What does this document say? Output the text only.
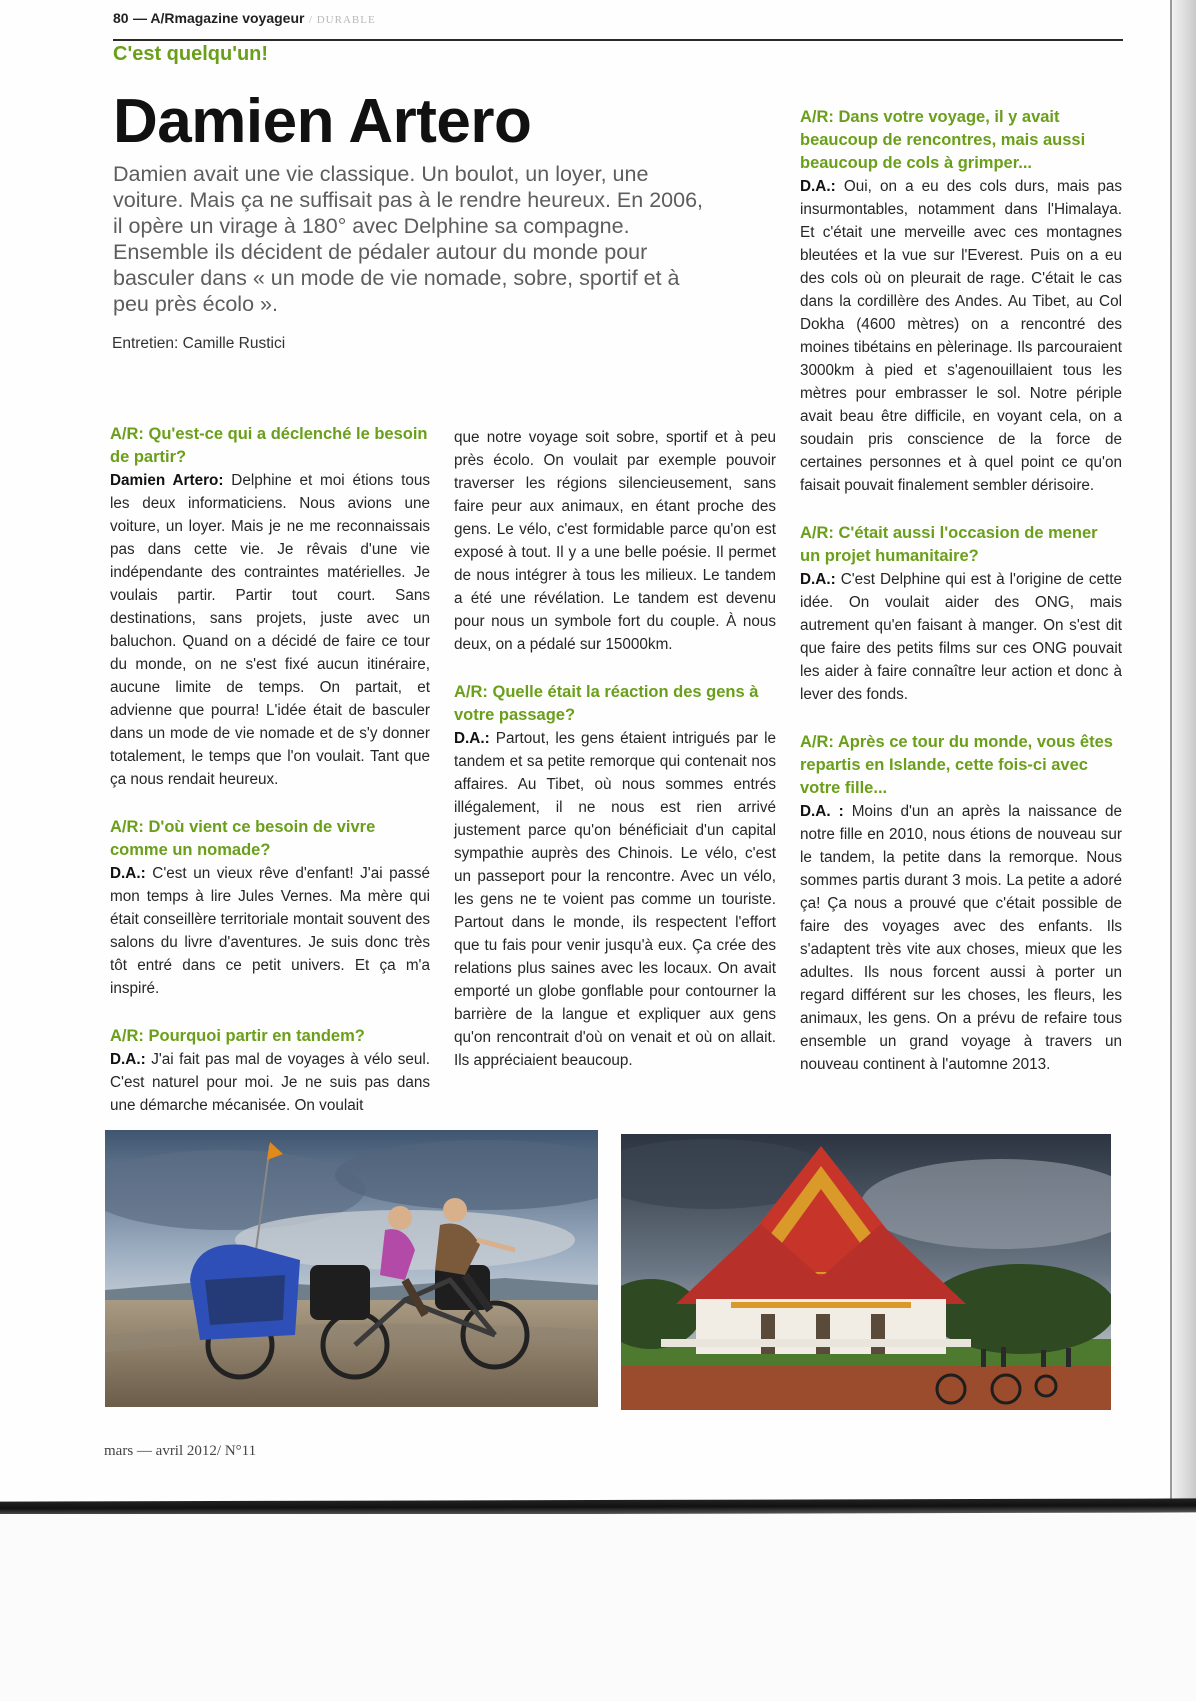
80 — A/Rmagazine voyageur / DURABLE
C'est quelqu'un!
Damien Artero

Damien avait une vie classique. Un boulot, un loyer, une voiture. Mais ça ne suffisait pas à le rendre heureux. En 2006, il opère un virage à 180° avec Delphine sa compagne. Ensemble ils décident de pédaler autour du monde pour basculer dans « un mode de vie nomade, sobre, sportif et à peu près écolo ».

Entretien: Camille Rustici
A/R: Qu'est-ce qui a déclenché le besoin de partir?

Damien Artero: Delphine et moi étions tous les deux informaticiens. Nous avions une voiture, un loyer. Mais je ne me reconnaissais pas dans cette vie. Je rêvais d'une vie indépendante des contraintes matérielles. Je voulais partir. Partir tout court. Sans destinations, sans projets, juste avec un baluchon. Quand on a décidé de faire ce tour du monde, on ne s'est fixé aucun itinéraire, aucune limite de temps. On partait, et advienne que pourra! L'idée était de basculer dans un mode de vie nomade et de s'y donner totalement, le temps que l'on voulait. Tant que ça nous rendait heureux.

A/R: D'où vient ce besoin de vivre comme un nomade?

D.A.: C'est un vieux rêve d'enfant! J'ai passé mon temps à lire Jules Vernes. Ma mère qui était conseillère territoriale montait souvent des salons du livre d'aventures. Je suis donc très tôt entré dans ce petit univers. Et ça m'a inspiré.

A/R: Pourquoi partir en tandem?

D.A.: J'ai fait pas mal de voyages à vélo seul. C'est naturel pour moi. Je ne suis pas dans une démarche mécanisée. On voulait

que notre voyage soit sobre, sportif et à peu près écolo. On voulait par exemple pouvoir traverser les régions silencieusement, sans faire peur aux animaux, en étant proche des gens. Le vélo, c'est formidable parce qu'on est exposé à tout. Il y a une belle poésie. Il permet de nous intégrer à tous les milieux. Le tandem a été une révélation. Le tandem est devenu pour nous un symbole fort du couple. À nous deux, on a pédalé sur 15000km.

A/R: Quelle était la réaction des gens à votre passage?

D.A.: Partout, les gens étaient intrigués par le tandem et sa petite remorque qui contenait nos affaires. Au Tibet, où nous sommes entrés illégalement, il ne nous est rien arrivé justement parce qu'on bénéficiait d'un capital sympathie auprès des Chinois. Le vélo, c'est un passeport pour la rencontre. Avec un vélo, les gens ne te voient pas comme un touriste. Partout dans le monde, ils respectent l'effort que tu fais pour venir jusqu'à eux. Ça crée des relations plus saines avec les locaux. On avait emporté un globe gonflable pour contourner la barrière de la langue et expliquer aux gens qu'on rencontrait d'où on venait et où on allait. Ils appréciaient beaucoup.

A/R: Dans votre voyage, il y avait beaucoup de rencontres, mais aussi beaucoup de cols à grimper...

D.A.: Oui, on a eu des cols durs, mais pas insurmontables, notamment dans l'Himalaya. Et c'était une merveille avec ces montagnes bleutées et la vue sur l'Everest. Puis on a eu des cols où on pleurait de rage. C'était le cas dans la cordillère des Andes. Au Tibet, au Col Dokha (4600 mètres) on a rencontré des moines tibétains en pèlerinage. Ils parcouraient 3000km à pied et s'agenouillaient tous les mètres pour embrasser le sol. Notre périple avait beau être difficile, en voyant cela, on a soudain pris conscience de la force de certaines personnes et à quel point ce qu'on faisait pouvait finalement sembler dérisoire.

A/R: C'était aussi l'occasion de mener un projet humanitaire?

D.A.: C'est Delphine qui est à l'origine de cette idée. On voulait aider des ONG, mais autrement qu'en faisant à manger. On s'est dit que faire des petits films sur ces ONG pouvait les aider à faire connaître leur action et donc à lever des fonds.

A/R: Après ce tour du monde, vous êtes repartis en Islande, cette fois-ci avec votre fille...

D.A. : Moins d'un an après la naissance de notre fille en 2010, nous étions de nouveau sur le tandem, la petite dans la remorque. Nous sommes partis durant 3 mois. La petite a adoré ça! Ça nous a prouvé que c'était possible de faire des voyages avec des enfants. Ils s'adaptent très vite aux choses, mieux que les adultes. Ils nous forcent aussi à porter un regard différent sur les choses, les fleurs, les animaux, les gens. On a prévu de refaire tous ensemble un grand voyage à travers un nouveau continent à l'automne 2013.

mars — avril 2012/ N°11
